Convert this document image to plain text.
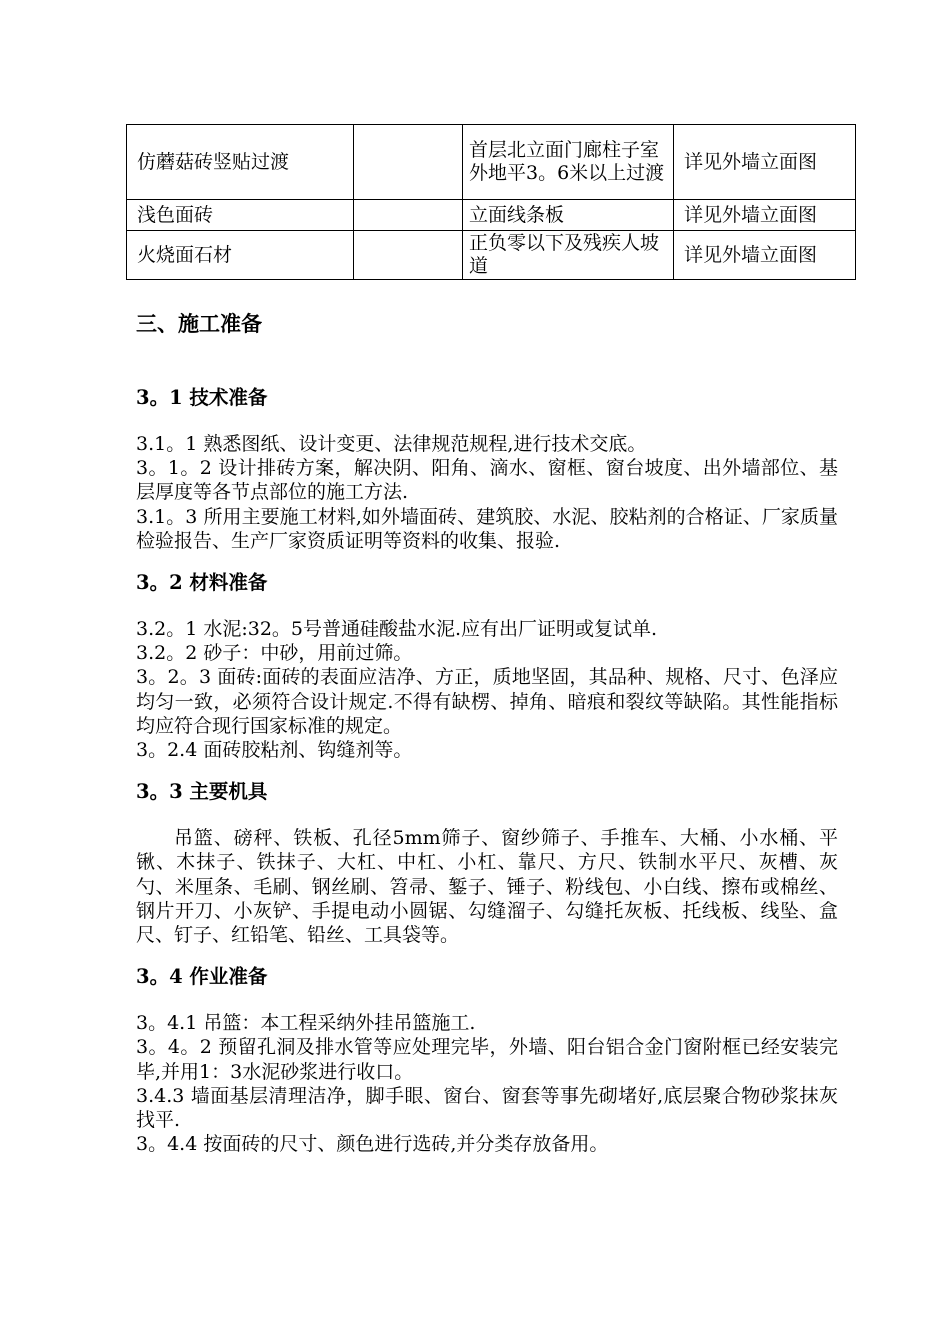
仿蘑菇砖竖贴过渡		首层北立面门廊柱子室外地平3。6米以上过渡	详见外墙立面图
浅色面砖		立面线条板	详见外墙立面图
火烧面石材		正负零以下及残疾人坡道	详见外墙立面图
三、施工准备
3。1 技术准备

3.1。1 熟悉图纸、设计变更、法律规范规程,进行技术交底。

3。1。2 设计排砖方案，解决阴、阳角、滴水、窗框、窗台坡度、出外墙部位、基层厚度等各节点部位的施工方法.

3.1。3 所用主要施工材料,如外墙面砖、建筑胶、水泥、胶粘剂的合格证、厂家质量检验报告、生产厂家资质证明等资料的收集、报验.

3。2 材料准备

3.2。1 水泥:32。5号普通硅酸盐水泥.应有出厂证明或复试单.

3.2。2 砂子：中砂，用前过筛。

3。2。3 面砖:面砖的表面应洁净、方正，质地坚固，其品种、规格、尺寸、色泽应均匀一致，必须符合设计规定.不得有缺楞、掉角、暗痕和裂纹等缺陷。其性能指标均应符合现行国家标准的规定。

3。2.4 面砖胶粘剂、钩缝剂等。

3。3 主要机具

吊篮、磅秤、铁板、孔径5mm筛子、窗纱筛子、手推车、大桶、小水桶、平锹、木抹子、铁抹子、大杠、中杠、小杠、靠尺、方尺、铁制水平尺、灰槽、灰勺、米厘条、毛刷、钢丝刷、笤帚、錾子、锤子、粉线包、小白线、擦布或棉丝、钢片开刀、小灰铲、手提电动小圆锯、勾缝溜子、勾缝托灰板、托线板、线坠、盒尺、钉子、红铅笔、铅丝、工具袋等。

3。4 作业准备

3。4.1 吊篮：本工程采纳外挂吊篮施工.

3。4。2 预留孔洞及排水管等应处理完毕，外墙、阳台铝合金门窗附框已经安装完毕,并用1：3水泥砂浆进行收口。

3.4.3 墙面基层清理洁净，脚手眼、窗台、窗套等事先砌堵好,底层聚合物砂浆抹灰找平.

3。4.4 按面砖的尺寸、颜色进行选砖,并分类存放备用。
